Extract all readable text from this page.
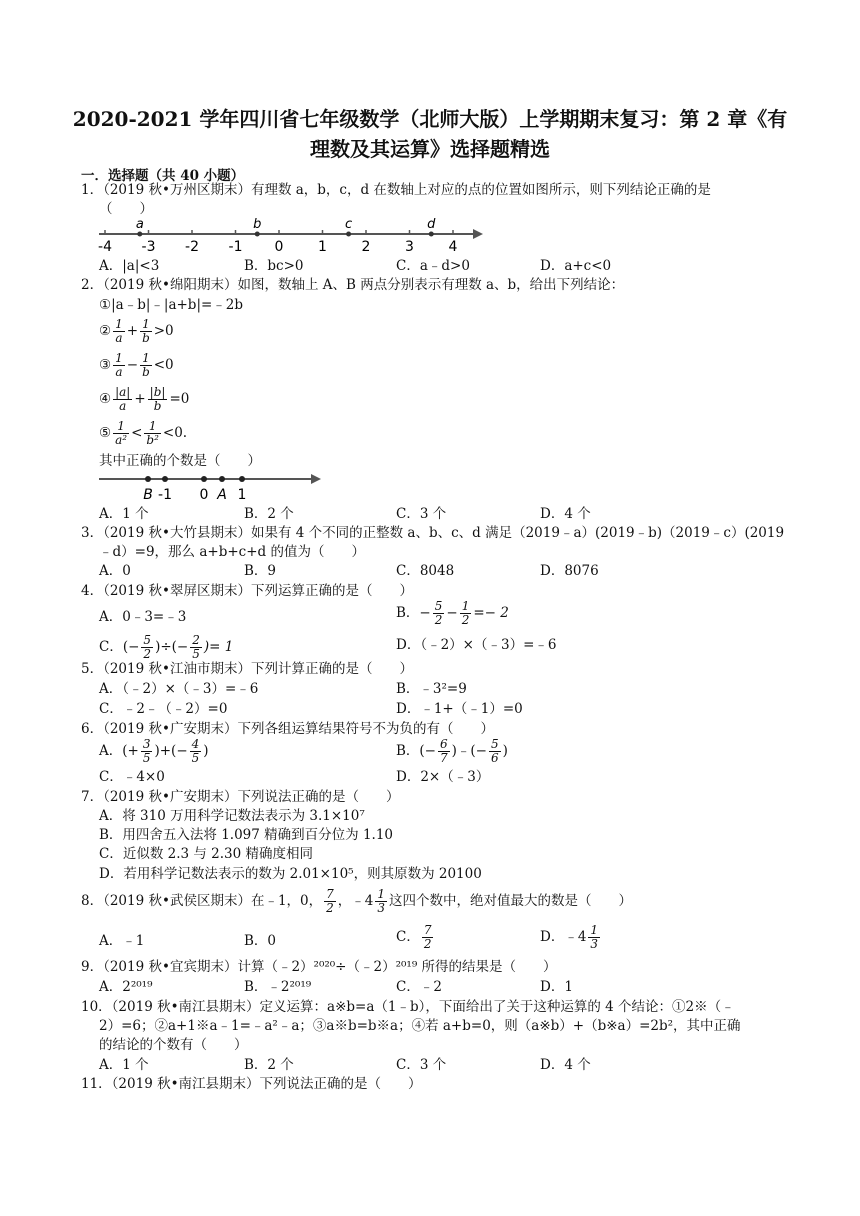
2020-2021 学年四川省七年级数学（北师大版）上学期期末复习：第 2 章《有
理数及其运算》选择题精选
一．选择题（共 40 小题）
1．（2019 秋•万州区期末）有理数 a，b，c，d 在数轴上对应的点的位置如图所示，则下列结论正确的是
（　　）
-4 -3 -2 -1 0 1 2 3 4
a	b	c	d
A．|a|<3	B．bc>0	C．a﹣d>0	D．a+c<0
2．（2019 秋•绵阳期末）如图，数轴上 A、B 两点分别表示有理数 a、b，给出下列结论：
①|a﹣b|﹣|a+b|=﹣2b
② $\frac{1}{a} + \frac{1}{b} >0$
③ $\frac{1}{a} - \frac{1}{b} <0$
④ $\frac{|a|}{a} + \frac{|b|}{b} =0$
⑤ $\frac{1}{\text{a²}} < \frac{1}{\text{b²}} <0$.
其中正确的个数是（　　）
B -1 0 A 1
A．1 个	B．2 个	C．3 个	D．4 个
3．（2019 秋•大竹县期末）如果有 4 个不同的正整数 a、b、c、d 满足（2019﹣a）(2019﹣b)（2019﹣c）(2019
﹣d）=9，那么 a+b+c+d 的值为（　　）
A．0	B．9	C．8048	D．8076
4．（2019 秋•翠屏区期末）下列运算正确的是（　　）
A．0﹣3=﹣3	B．− $\frac{5}{2} - \frac{1}{2} =- 2$
C．(− $\frac{5}{2}$ )÷(− $\frac{2}{5}$ )= 1	D．（﹣2）×（﹣3）=﹣6
5．（2019 秋•江油市期末）下列计算正确的是（　　）
A．（﹣2）×（﹣3）=﹣6	B．﹣3²=9
C．﹣2﹣（﹣2）=0	D．﹣1+（﹣1）=0
6．（2019 秋•广安期末）下列各组运算结果符号不为负的有（　　）
A．(+ $\frac{3}{5}$ )+(− $\frac{4}{5}$ )	B．(− $\frac{6}{7}$ )﹣(− $\frac{5}{6}$ )
C．﹣4×0	D．2×（﹣3）
7．（2019 秋•广安期末）下列说法正确的是（　　）
A．将 310 万用科学记数法表示为 3.1×10⁷
B．用四舍五入法将 1.097 精确到百分位为 1.10
C．近似数 2.3 与 2.30 精确度相同
D．若用科学记数法表示的数为 2.01×10⁵，则其原数为 20100
8．（2019 秋•武侯区期末）在﹣1，0， $\frac{7}{2}$ ，﹣4 $\frac{1}{3}$ 这四个数中，绝对值最大的数是（　　）
A．﹣1	B．0	C． $\frac{7}{2}$	D．﹣4 $\frac{1}{3}$
9．（2019 秋•宜宾期末）计算（﹣2）²⁰²⁰÷（﹣2）²⁰¹⁹ 所得的结果是（　　）
A．2²⁰¹⁹	B．﹣2²⁰¹⁹	C．﹣2	D．1
10．（2019 秋•南江县期末）定义运算：a※b=a（1﹣b），下面给出了关于这种运算的 4 个结论：①2※（﹣
2）=6；②a+1※a﹣1=﹣a²﹣a；③a※b=b※a；④若 a+b=0，则（a※b）+（b※a）=2b²，其中正确
的结论的个数有（　　）
A．1 个	B．2 个	C．3 个	D．4 个
11．（2019 秋•南江县期末）下列说法正确的是（　　）
